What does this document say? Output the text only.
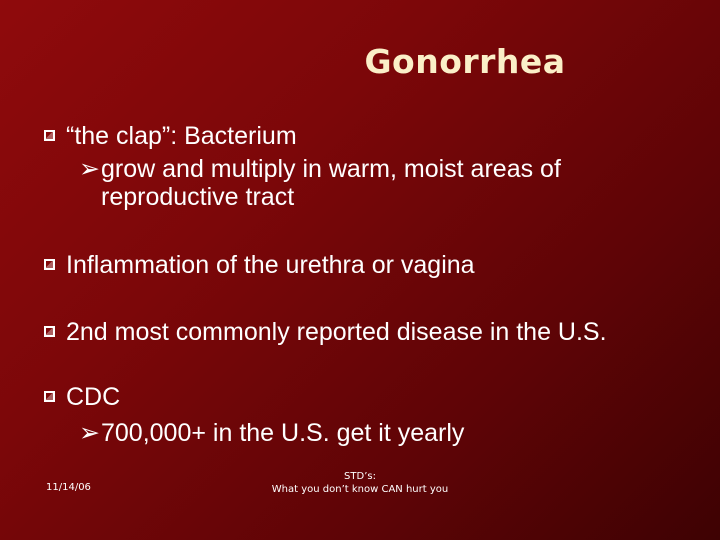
Gonorrhea
“the clap”: Bacterium
➢grow and multiply in warm, moist areas of reproductive tract
Inflammation of the urethra or vagina
2nd most commonly reported disease in the U.S.
CDC
➢700,000+ in the U.S. get it yearly
11/14/06
STD’s:
What you don’t know CAN hurt you
